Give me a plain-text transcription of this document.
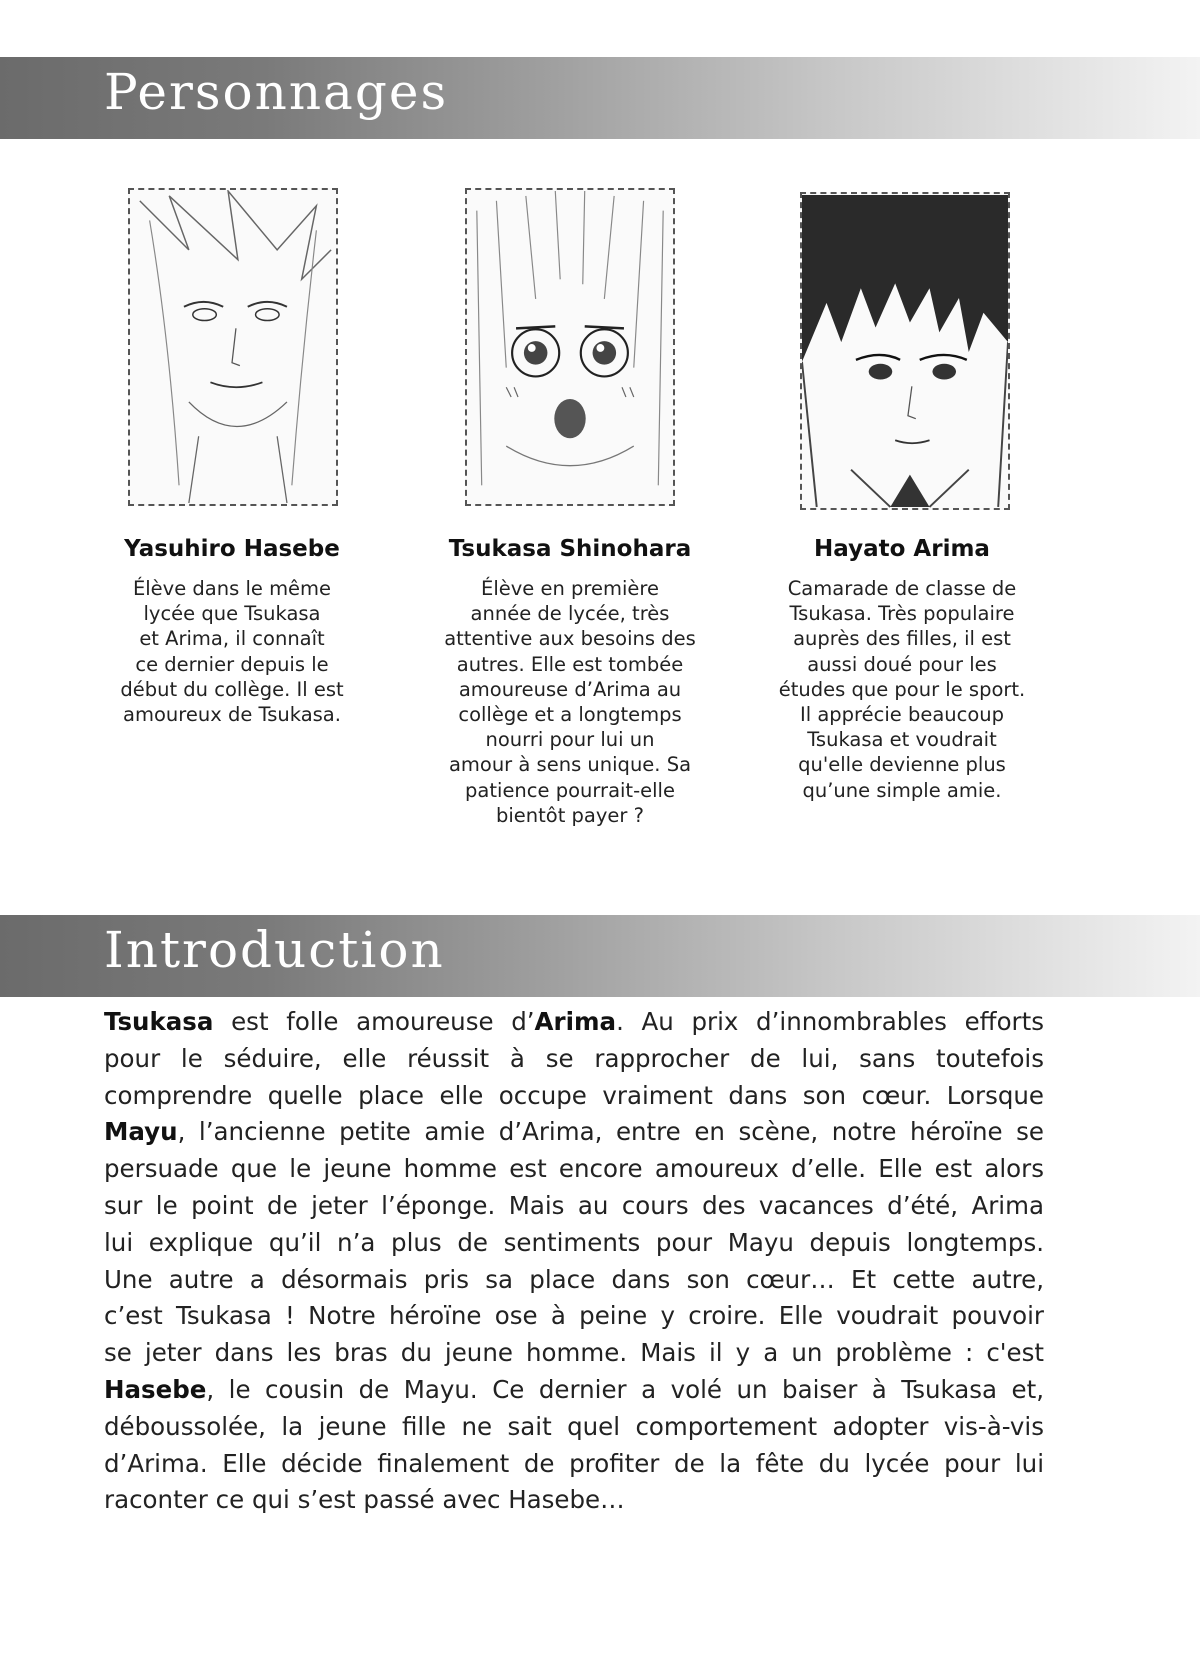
Personnages
Yasuhiro Hasebe

Élève dans le même
lycée que Tsukasa
et Arima, il connaît
ce dernier depuis le
début du collège. Il est
amoureux de Tsukasa.

Tsukasa Shinohara

Élève en première
année de lycée, très
attentive aux besoins des
autres. Elle est tombée
amoureuse d’Arima au
collège et a longtemps
nourri pour lui un
amour à sens unique. Sa
patience pourrait-elle
bientôt payer ?

Hayato Arima

Camarade de classe de
Tsukasa. Très populaire
auprès des filles, il est
aussi doué pour les
études que pour le sport.
Il apprécie beaucoup
Tsukasa et voudrait
qu'elle devienne plus
qu’une simple amie.

Introduction
Tsukasa est folle amoureuse d’Arima. Au prix d’innombrables efforts
pour le séduire, elle réussit à se rapprocher de lui, sans toutefois
comprendre quelle place elle occupe vraiment dans son cœur. Lorsque
Mayu, l’ancienne petite amie d’Arima, entre en scène, notre héroïne se
persuade que le jeune homme est encore amoureux d’elle. Elle est alors
sur le point de jeter l’éponge. Mais au cours des vacances d’été, Arima
lui explique qu’il n’a plus de sentiments pour Mayu depuis longtemps.
Une autre a désormais pris sa place dans son cœur… Et cette autre,
c’est Tsukasa ! Notre héroïne ose à peine y croire. Elle voudrait pouvoir
se jeter dans les bras du jeune homme. Mais il y a un problème : c'est
Hasebe, le cousin de Mayu. Ce dernier a volé un baiser à Tsukasa et,
déboussolée, la jeune fille ne sait quel comportement adopter vis-à-vis
d’Arima. Elle décide finalement de profiter de la fête du lycée pour lui
raconter ce qui s’est passé avec Hasebe…
